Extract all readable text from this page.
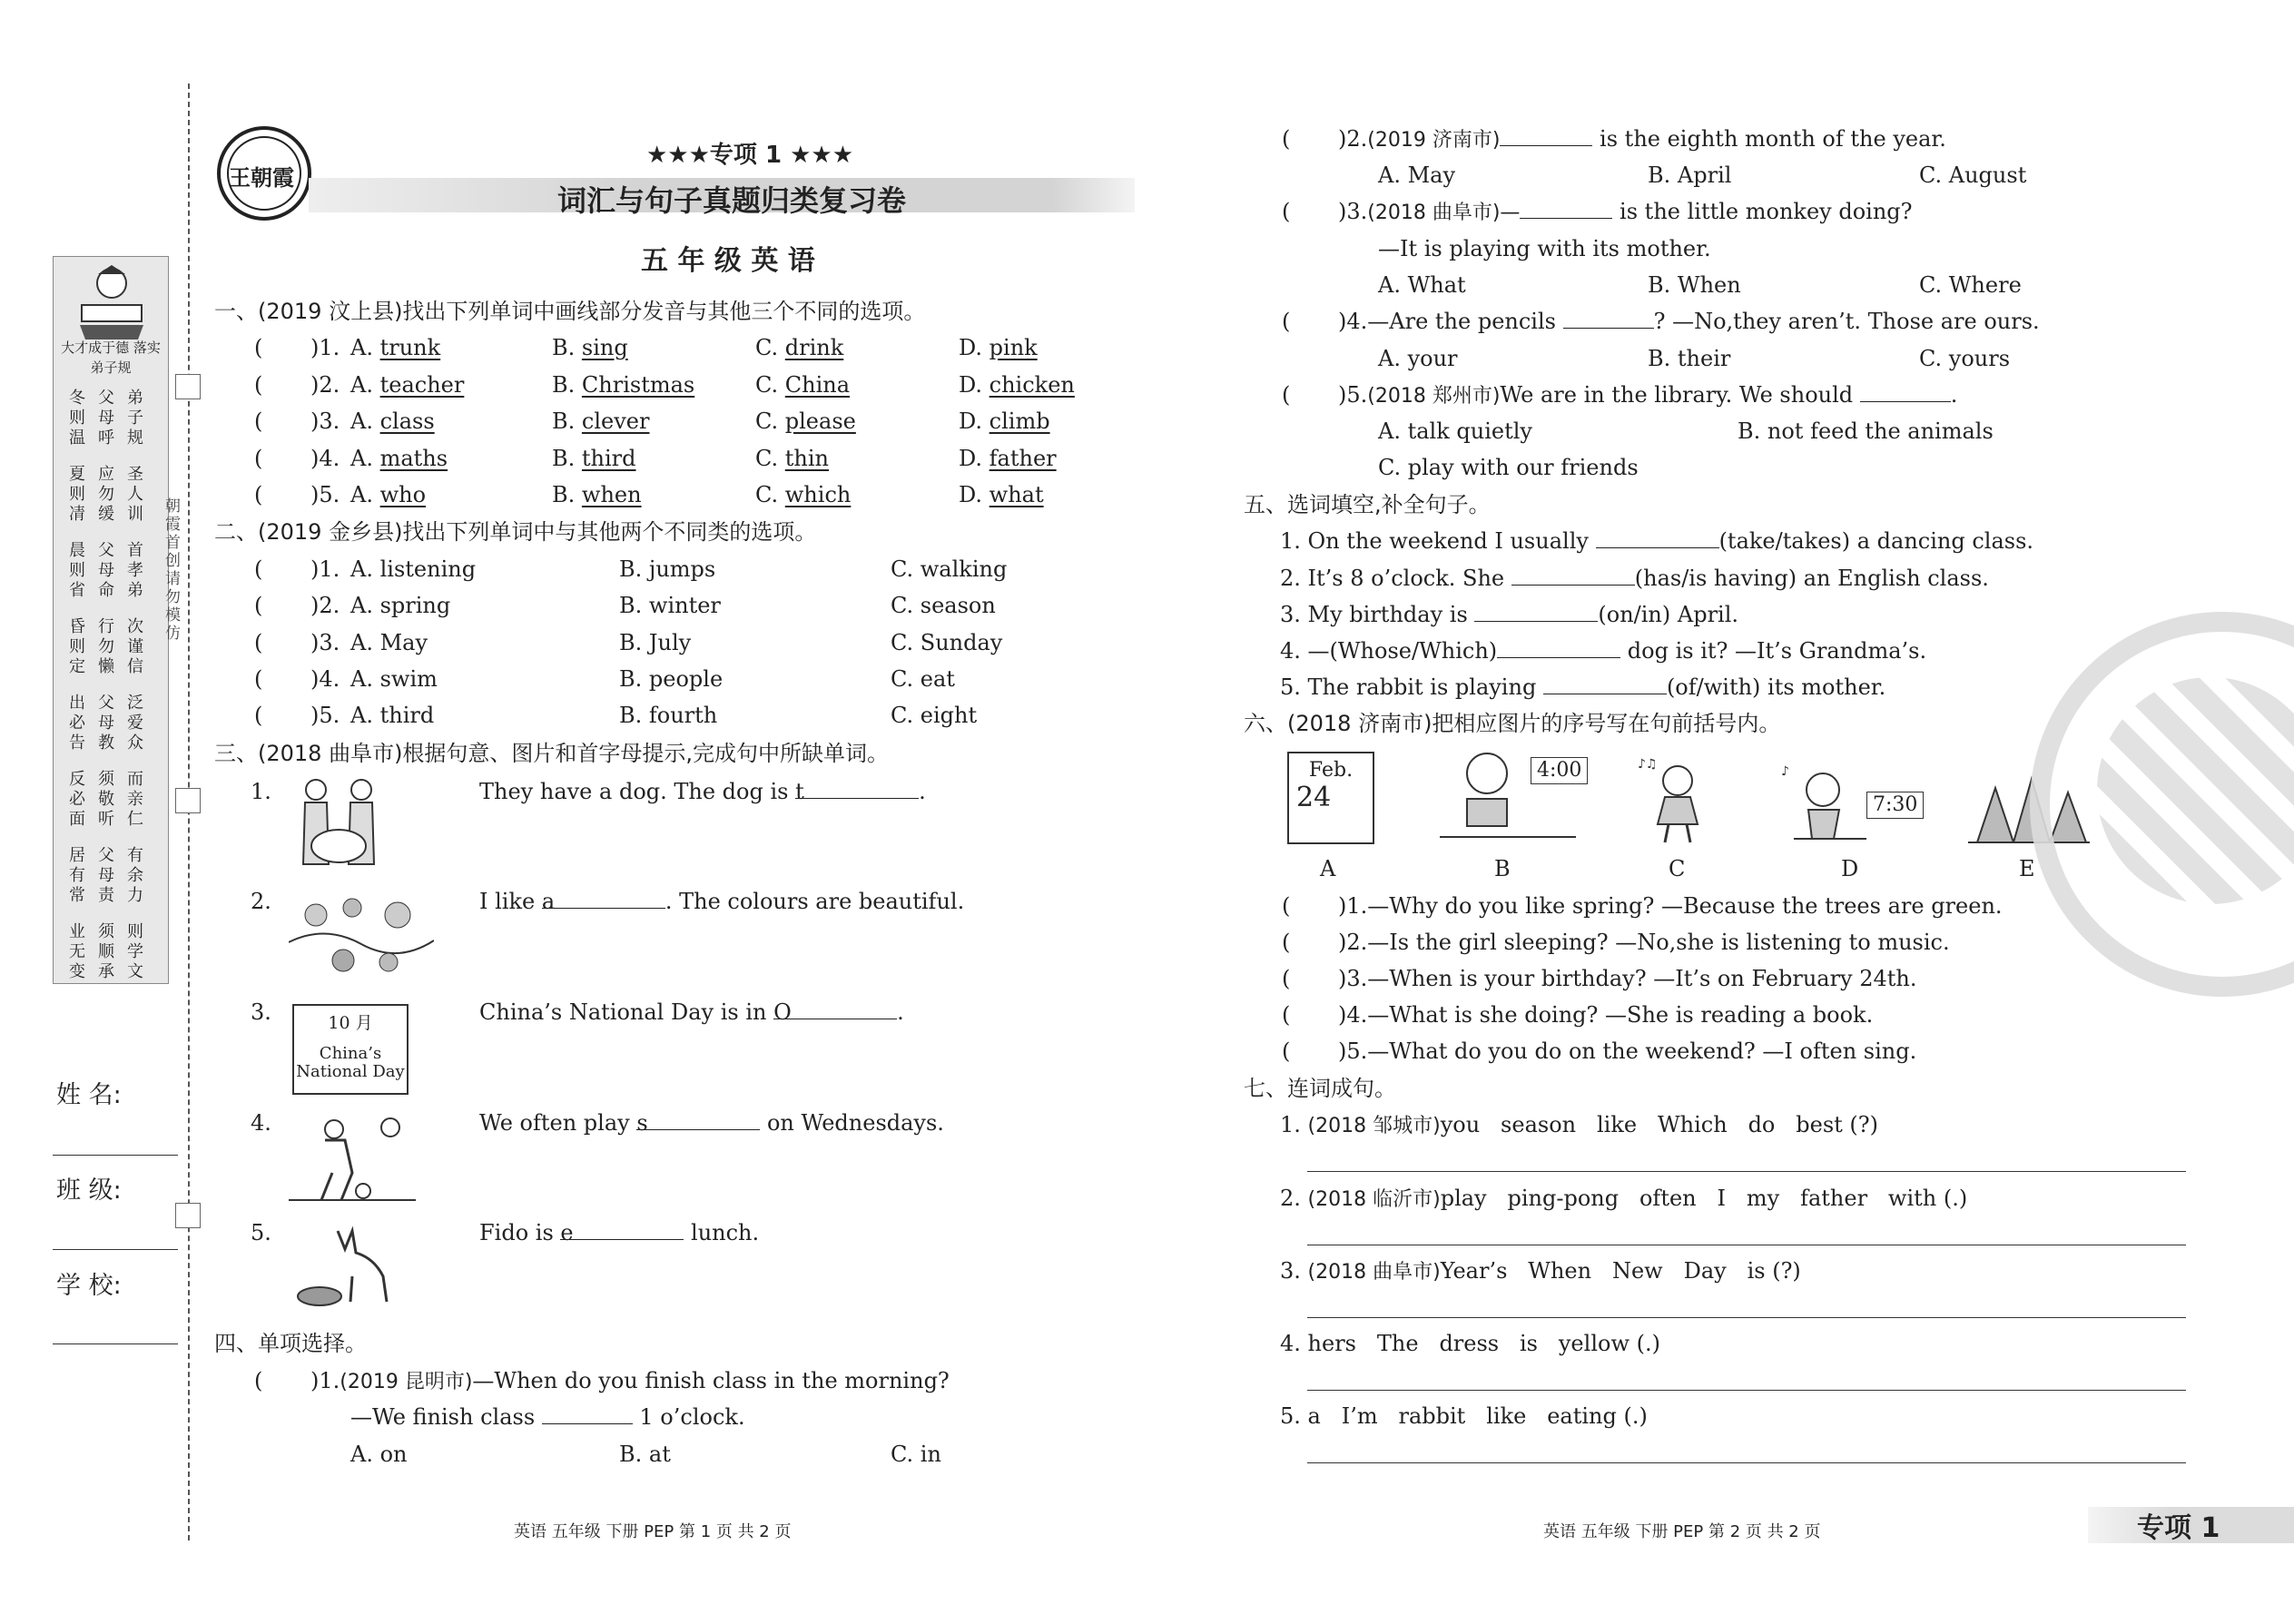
大才成于德 落实弟子规
冬则温
父母呼
弟子规
夏则凊
应勿缓
圣人训
晨则省
父母命
首孝弟
昏则定
行勿懒
次谨信
出必告
父母教
泛爱众
反必面
须敬听
而亲仁
居有常
父母责
有余力
业无变
须顺承
则学文
朝霞首创 请勿模仿
姓 名:
班 级:
学 校:
王朝霞
★★★专项 1 ★★★
词汇与句子真题归类复习卷
五 年 级 英 语
一、(2019 汶上县)找出下列单词中画线部分发音与其他三个不同的选项。
二、(2019 金乡县)找出下列单词中与其他两个不同类的选项。
三、(2018 曲阜市)根据句意、图片和首字母提示,完成句中所缺单词。
10 月
China’s
National Day
四、单项选择。
( )1.(2019 昆明市)—When do you finish class in the morning?
—We finish class	1 o’clock.
A. on	B. at	C. in
英语 五年级 下册 PEP 第 1 页 共 2 页
五、选词填空,补全句子。
六、(2018 济南市)把相应图片的序号写在句前括号内。
Feb.
24
4:00	♪♫	♪
7:30
七、连词成句。
英语 五年级 下册 PEP 第 2 页 共 2 页	专项 1
( )1. A. trunk	B. sing	C. drink	D. pink
( )2. A. teacher	B. Christmas	C. China	D. chicken
( )3. A. class	B. clever	C. please	D. climb
( )4. A. maths	B. third	C. thin	D. father
( )5. A. who	B. when	C. which	D. what
( )1. A. listening	B. jumps	C. walking
( )2. A. spring	B. winter	C. season
( )3. A. May	B. July	C. Sunday
( )4. A. swim	B. people	C. eat
( )5. A. third	B. fourth	C. eight
1.	They have a dog. The dog is t	.
2.	I like a	. The colours are beautiful.
3.	China’s National Day is in O	.
4.	We often play s	on Wednesdays.
5.	Fido is e	lunch.
( )2.(2019 济南市)	is the eighth month of the year.
A. May	B. April	C. August
( )3.(2018 曲阜市)—	is the little monkey doing?
—It is playing with its mother.
A. What	B. When	C. Where
( )4.—Are the pencils	? —No,they aren’t. Those are ours.
A. your	B. their	C. yours
( )5.(2018 郑州市)We are in the library. We should	.
A. talk quietly	B. not feed the animals
C. play with our friends
1. On the weekend I usually	(take/takes) a dancing class.
2. It’s 8 o’clock. She	(has/is having) an English class.
3. My birthday is	(on/in) April.
4. —(Whose/Which)	dog is it? —It’s Grandma’s.
5. The rabbit is playing	(of/with) its mother.
A	B	C	D	E
( )1.—Why do you like spring? —Because the trees are green.
( )2.—Is the girl sleeping? —No,she is listening to music.
( )3.—When is your birthday? —It’s on February 24th.
( )4.—What is she doing? —She is reading a book.
( )5.—What do you do on the weekend? —I often sing.
1. (2018 邹城市)you   season   like   Which   do   best (?)
2. (2018 临沂市)play   ping-pong   often   I   my   father   with (.)
3. (2018 曲阜市)Year’s   When   New   Day   is (?)
4. hers   The   dress   is   yellow (.)
5. a   I’m   rabbit   like   eating (.)
